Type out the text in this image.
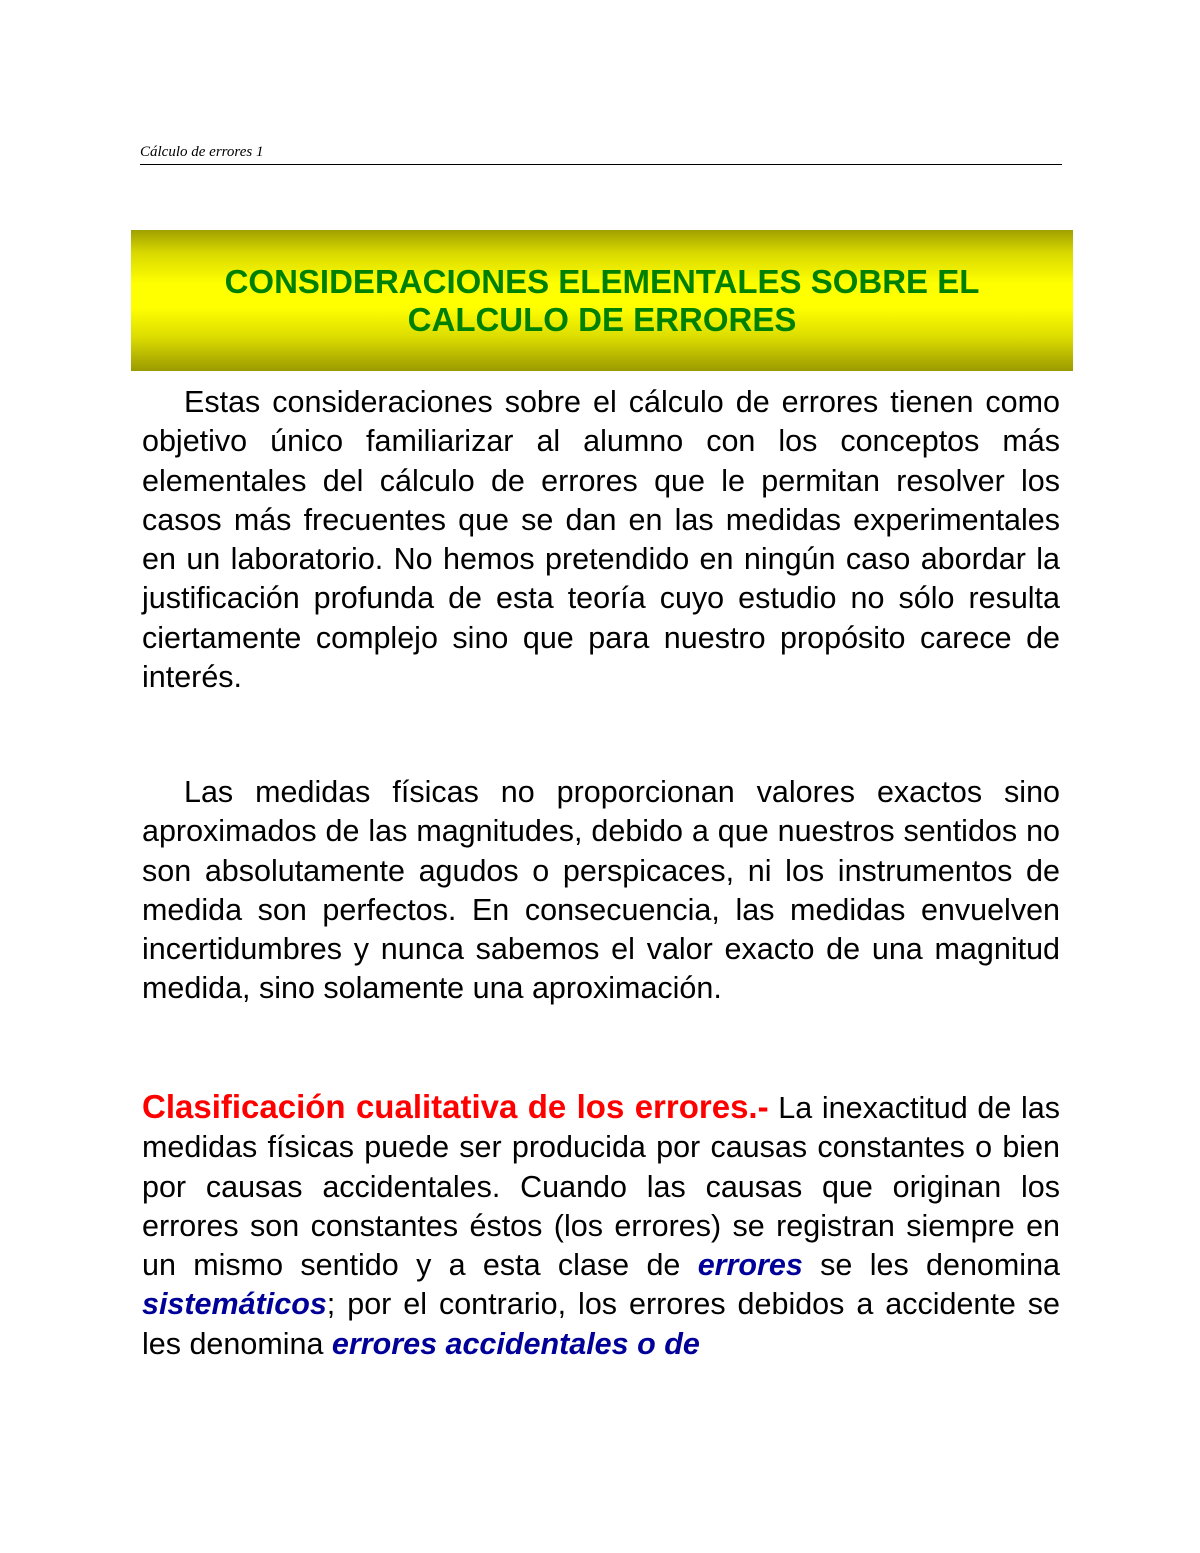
Cálculo de errores 1
CONSIDERACIONES ELEMENTALES SOBRE EL
CALCULO DE ERRORES
Estas consideraciones sobre el cálculo de errores tienen como objetivo único familiarizar al alumno con los conceptos más elementales del cálculo de errores que le permitan resolver los casos más frecuentes que se dan en las medidas experimentales en un laboratorio. No hemos pretendido en ningún caso abordar la justificación profunda de esta teoría cuyo estudio no sólo resulta ciertamente complejo sino que para nuestro propósito carece de interés.
Las medidas físicas no proporcionan valores exactos sino aproximados de las magnitudes, debido a que nuestros sentidos no son absolutamente agudos o perspicaces, ni los instrumentos de medida son perfectos. En consecuencia, las medidas envuelven incertidumbres y nunca sabemos el valor exacto de una magnitud medida, sino solamente una aproximación.
Clasificación cualitativa de los errores.- La inexactitud de las medidas físicas puede ser producida por causas constantes o bien por causas accidentales. Cuando las causas que originan los errores son constantes éstos (los errores) se registran siempre en un mismo sentido y a esta clase de errores se les denomina sistemáticos; por el contrario, los errores debidos a accidente se les denomina errores accidentales o de
